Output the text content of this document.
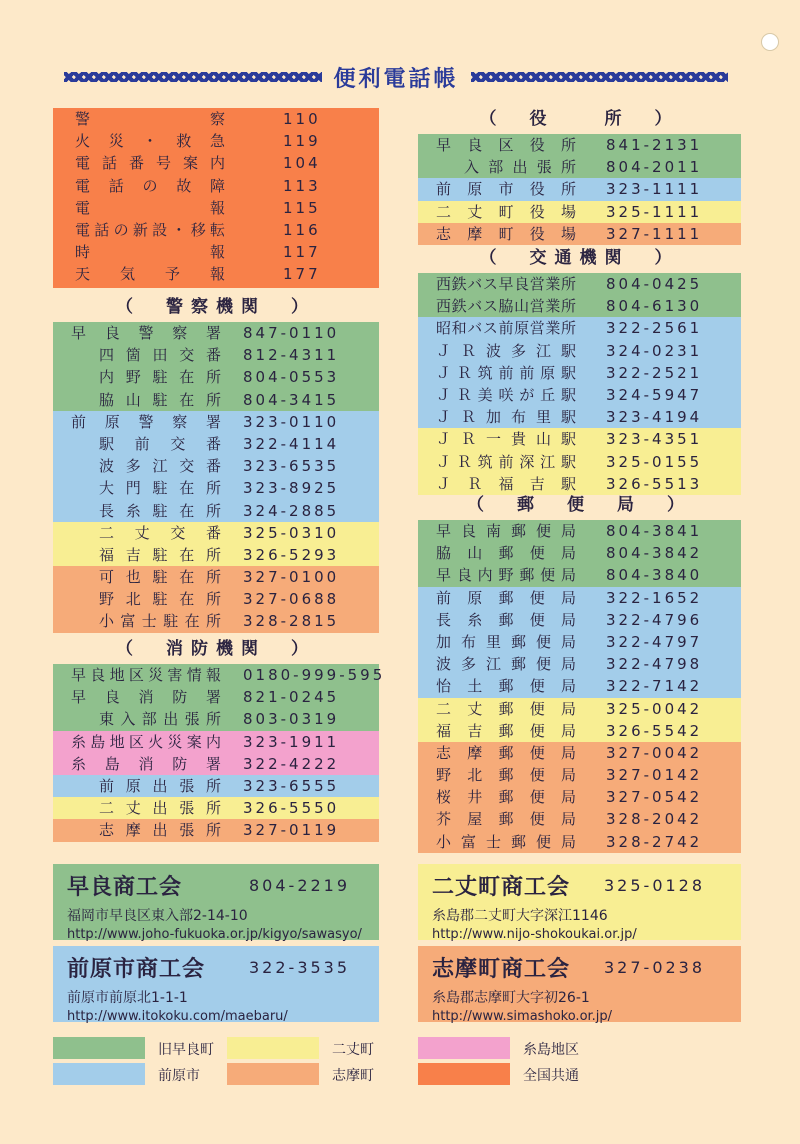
便利電話帳
警察	110
火災・救急	119
電話番号案内	104
電話の故障	113
電報	115
電話の新設・移転	116
時報	117
天気予報	177
（　警察機関　）
早良警察署 847-0110
四箇田交番 812-4311
内野駐在所 804-0553
脇山駐在所 804-3415
前原警察署 323-0110
駅前交番 322-4114
波多江交番 323-6535
大門駐在所 323-8925
長糸駐在所 324-2885
二丈交番 325-0310
福吉駐在所 326-5293
可也駐在所 327-0100
野北駐在所 327-0688
小富士駐在所 328-2815
（　消防機関　）
早良地区災害情報 0180-999-595
早良消防署 821-0245
東入部出張所 803-0319
糸島地区火災案内 323-1911
糸島消防署 322-4222
前原出張所 323-6555
二丈出張所 326-5550
志摩出張所 327-0119
（　役　　所　）
早良区役所 841-2131
入部出張所 804-2011
前原市役所 323-1111
二丈町役場 325-1111
志摩町役場 327-1111
（　交通機関　）
西鉄バス早良営業所 804-0425
西鉄バス脇山営業所 804-6130
昭和バス前原営業所 322-2561
ＪＲ波多江駅 324-0231
ＪＲ筑前前原駅 322-2521
ＪＲ美咲が丘駅 324-5947
ＪＲ加布里駅 323-4194
ＪＲ一貴山駅 323-4351
ＪＲ筑前深江駅 325-0155
ＪＲ福吉駅 326-5513
（　郵　便　局　）
早良南郵便局 804-3841
脇山郵便局 804-3842
早良内野郵便局 804-3840
前原郵便局 322-1652
長糸郵便局 322-4796
加布里郵便局 322-4797
波多江郵便局 322-4798
怡土郵便局 322-7142
二丈郵便局 325-0042
福吉郵便局 326-5542
志摩郵便局 327-0042
野北郵便局 327-0142
桜井郵便局 327-0542
芥屋郵便局 328-2042
小富士郵便局 328-2742
早良商工会	804-2219
福岡市早良区東入部2-14-10
http://www.joho-fukuoka.or.jp/kigyo/sawasyo/
二丈町商工会	325-0128
糸島郡二丈町大字深江1146
http://www.nijo-shokoukai.or.jp/
前原市商工会	322-3535
前原市前原北1-1-1
http://www.itokoku.com/maebaru/
志摩町商工会	327-0238
糸島郡志摩町大字初26-1
http://www.simashoko.or.jp/
旧早良町	二丈町	糸島地区
前原市	志摩町	全国共通
